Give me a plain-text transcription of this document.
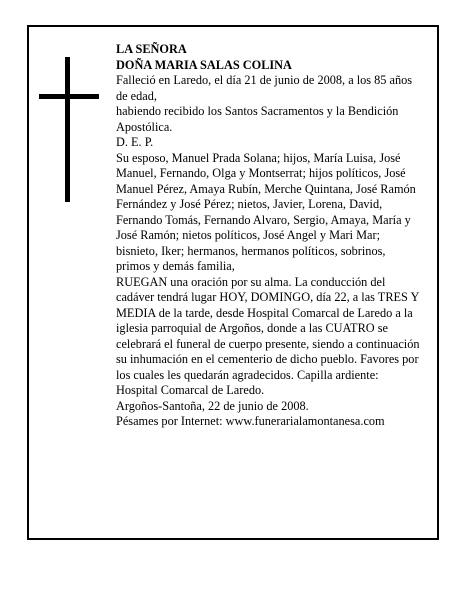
LA SEÑORA

DOÑA MARIA SALAS COLINA

Falleció en Laredo, el día 21 de junio de 2008, a los 85 años de edad,

habiendo recibido los Santos Sacramentos y la Bendición Apostólica.

D. E. P.

Su esposo, Manuel Prada Solana; hijos, María Luisa, José Manuel, Fernando, Olga y Montserrat; hijos políticos, José Manuel Pérez, Amaya Rubín, Merche Quintana, José Ramón Fernández y José Pérez; nietos, Javier, Lorena, David, Fernando Tomás, Fernando Alvaro, Sergio, Amaya, María y José Ramón; nietos políticos, José Angel y Mari Mar; bisnieto, Iker; hermanos, hermanos políticos, sobrinos, primos y demás familia,

RUEGAN una oración por su alma. La conducción del cadáver tendrá lugar HOY, DOMINGO, día 22, a las TRES Y MEDIA de la tarde, desde Hospital Comarcal de Laredo a la iglesia parroquial de Argoños, donde a las CUATRO se celebrará el funeral de cuerpo presente, siendo a continuación su inhumación en el cementerio de dicho pueblo. Favores por los cuales les quedarán agradecidos. Capilla ardiente: Hospital Comarcal de Laredo.

Argoños-Santoña, 22 de junio de 2008.

Pésames por Internet: www.funerarialamontanesa.com
